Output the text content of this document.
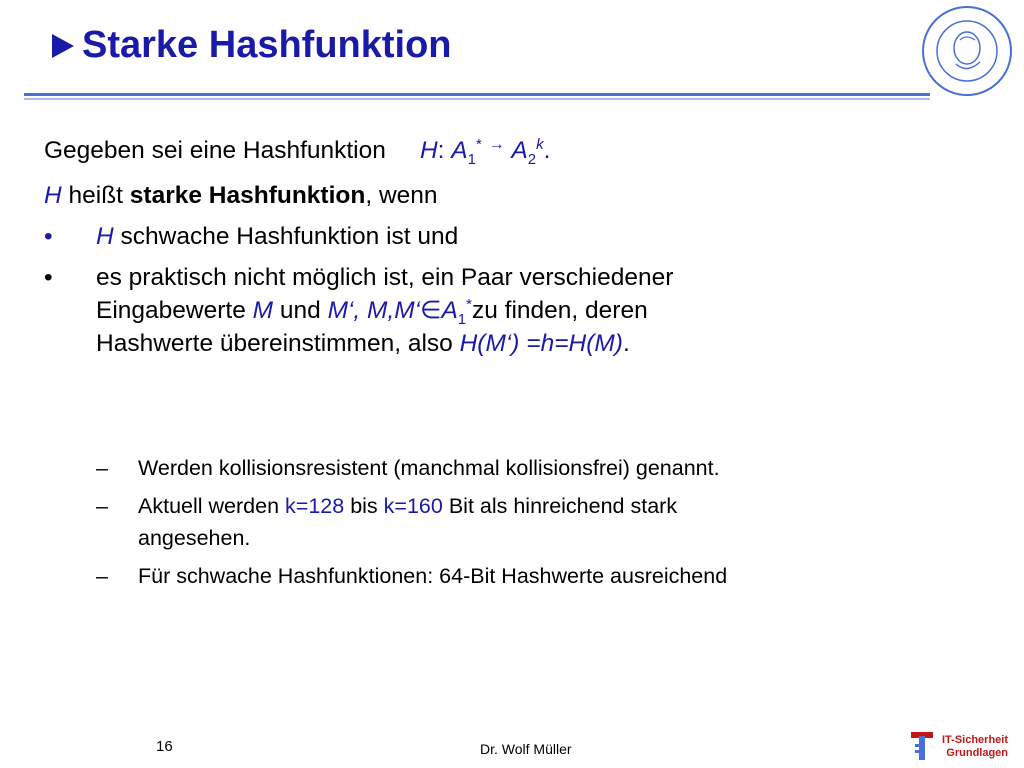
Starke Hashfunktion
Gegeben sei eine Hashfunktion H: $A_1^*$ → $A_2^k$.
H heißt starke Hashfunktion, wenn
•	H schwache Hashfunktion ist und
•	es praktisch nicht möglich ist, ein Paar verschiedener
Eingabewerte M und M‘, $M,M‘\in A_1^*zu$ finden, deren
Hashwerte übereinstimmen, also H(M‘) =h=H(M).
–	Werden kollisionsresistent (manchmal kollisionsfrei) genannt.
–	Aktuell werden k=128 bis k=160 Bit als hinreichend stark
angesehen.
–	Für schwache Hashfunktionen: 64-Bit Hashwerte ausreichend
16	Dr. Wolf Müller
IT-Sicherheit
Grundlagen
